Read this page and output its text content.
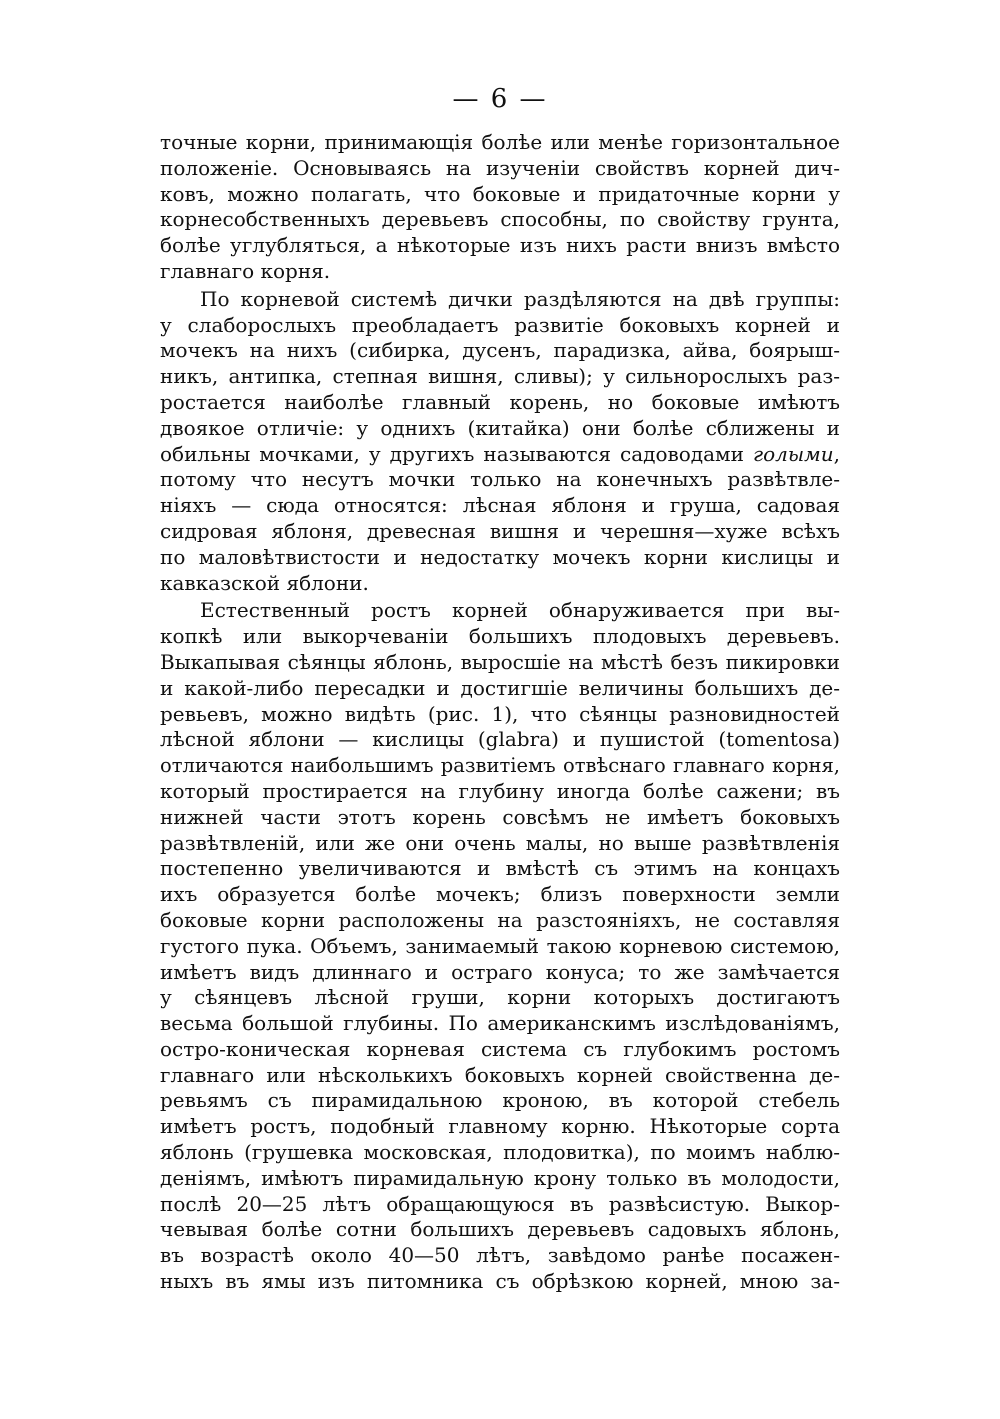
— 6 —
точные корни, принимающія болѣе или менѣе горизонтальное
положеніе. Основываясь на изученіи свойствъ корней дич-
ковъ, можно полагать, что боковые и придаточные корни у
корнесобственныхъ деревьевъ способны, по свойству грунта,
болѣе углубляться, а нѣкоторые изъ нихъ расти внизъ вмѣсто
главнаго корня.
По корневой системѣ дички раздѣляются на двѣ группы:
у слаборослыхъ преобладаетъ развитіе боковыхъ корней и
мочекъ на нихъ (сибирка, дусенъ, парадизка, айва, боярыш-
никъ, антипка, степная вишня, сливы); у сильнорослыхъ раз-
ростается наиболѣе главный корень, но боковые имѣютъ
двоякое отличіе: у однихъ (китайка) они болѣе сближены и
обильны мочками, у другихъ называются садоводами голыми,
потому что несутъ мочки только на конечныхъ развѣтвле-
ніяхъ — сюда относятся: лѣсная яблоня и груша, садовая
сидровая яблоня, древесная вишня и черешня—хуже всѣхъ
по маловѣтвистости и недостатку мочекъ корни кислицы и
кавказской яблони.
Естественный ростъ корней обнаруживается при вы-
копкѣ или выкорчеваніи большихъ плодовыхъ деревьевъ.
Выкапывая сѣянцы яблонь, выросшіе на мѣстѣ безъ пикировки
и какой-либо пересадки и достигшіе величины большихъ де-
ревьевъ, можно видѣть (рис. 1), что сѣянцы разновидностей
лѣсной яблони — кислицы (glabra) и пушистой (tomentosa)
отличаются наибольшимъ развитіемъ отвѣснаго главнаго корня,
который простирается на глубину иногда болѣе сажени; въ
нижней части этотъ корень совсѣмъ не имѣетъ боковыхъ
развѣтвленій, или же они очень малы, но выше развѣтвленія
постепенно увеличиваются и вмѣстѣ съ этимъ на концахъ
ихъ образуется болѣе мочекъ; близъ поверхности земли
боковые корни расположены на разстояніяхъ, не составляя
густого пука. Объемъ, занимаемый такою корневою системою,
имѣетъ видъ длиннаго и остраго конуса; то же замѣчается
у сѣянцевъ лѣсной груши, корни которыхъ достигаютъ
весьма большой глубины. По американскимъ изслѣдованіямъ,
остро-коническая корневая система съ глубокимъ ростомъ
главнаго или нѣсколькихъ боковыхъ корней свойственна де-
ревьямъ съ пирамидальною кроною, въ которой стебель
имѣетъ ростъ, подобный главному корню. Нѣкоторые сорта
яблонь (грушевка московская, плодовитка), по моимъ наблю-
деніямъ, имѣютъ пирамидальную крону только въ молодости,
послѣ 20—25 лѣтъ обращающуюся въ развѣсистую. Выкор-
чевывая болѣе сотни большихъ деревьевъ садовыхъ яблонь,
въ возрастѣ около 40—50 лѣтъ, завѣдомо ранѣе посажен-
ныхъ въ ямы изъ питомника съ обрѣзкою корней, мною за-
